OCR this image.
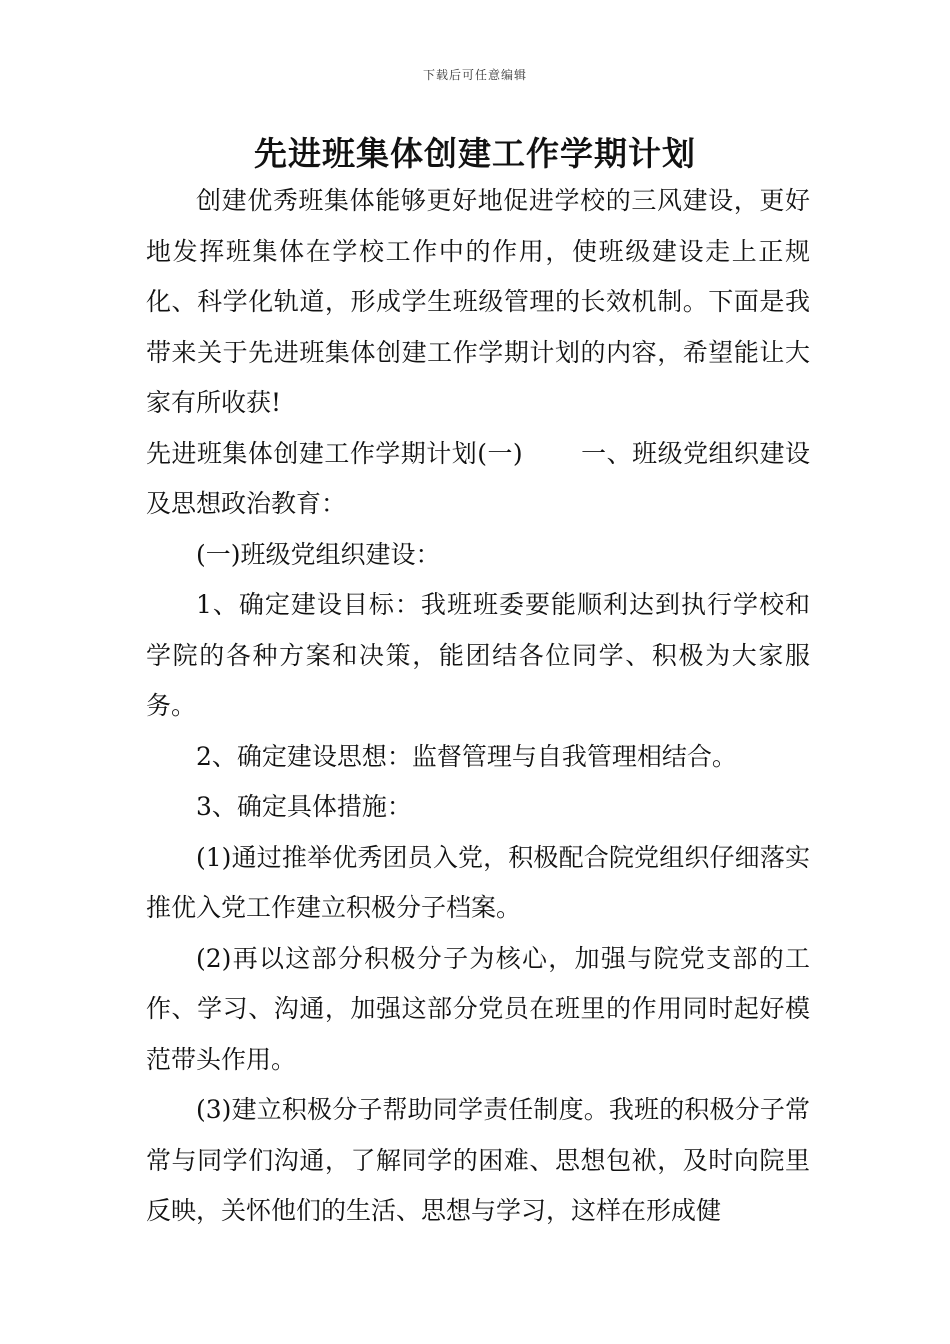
下载后可任意编辑
先进班集体创建工作学期计划

创建优秀班集体能够更好地促进学校的三风建设，更好地发挥班集体在学校工作中的作用，使班级建设走上正规化、科学化轨道，形成学生班级管理的长效机制。下面是我带来关于先进班集体创建工作学期计划的内容，希望能让大家有所收获!

先进班集体创建工作学期计划(一) 一、班级党组织建设及思想政治教育：

(一)班级党组织建设：

1、确定建设目标：我班班委要能顺利达到执行学校和学院的各种方案和决策，能团结各位同学、积极为大家服务。

2、确定建设思想：监督管理与自我管理相结合。

3、确定具体措施：

(1)通过推举优秀团员入党，积极配合院党组织仔细落实推优入党工作建立积极分子档案。

(2)再以这部分积极分子为核心，加强与院党支部的工作、学习、沟通，加强这部分党员在班里的作用同时起好模范带头作用。

(3)建立积极分子帮助同学责任制度。我班的积极分子常常与同学们沟通，了解同学的困难、思想包袱，及时向院里反映，关怀他们的生活、思想与学习，这样在形成健
